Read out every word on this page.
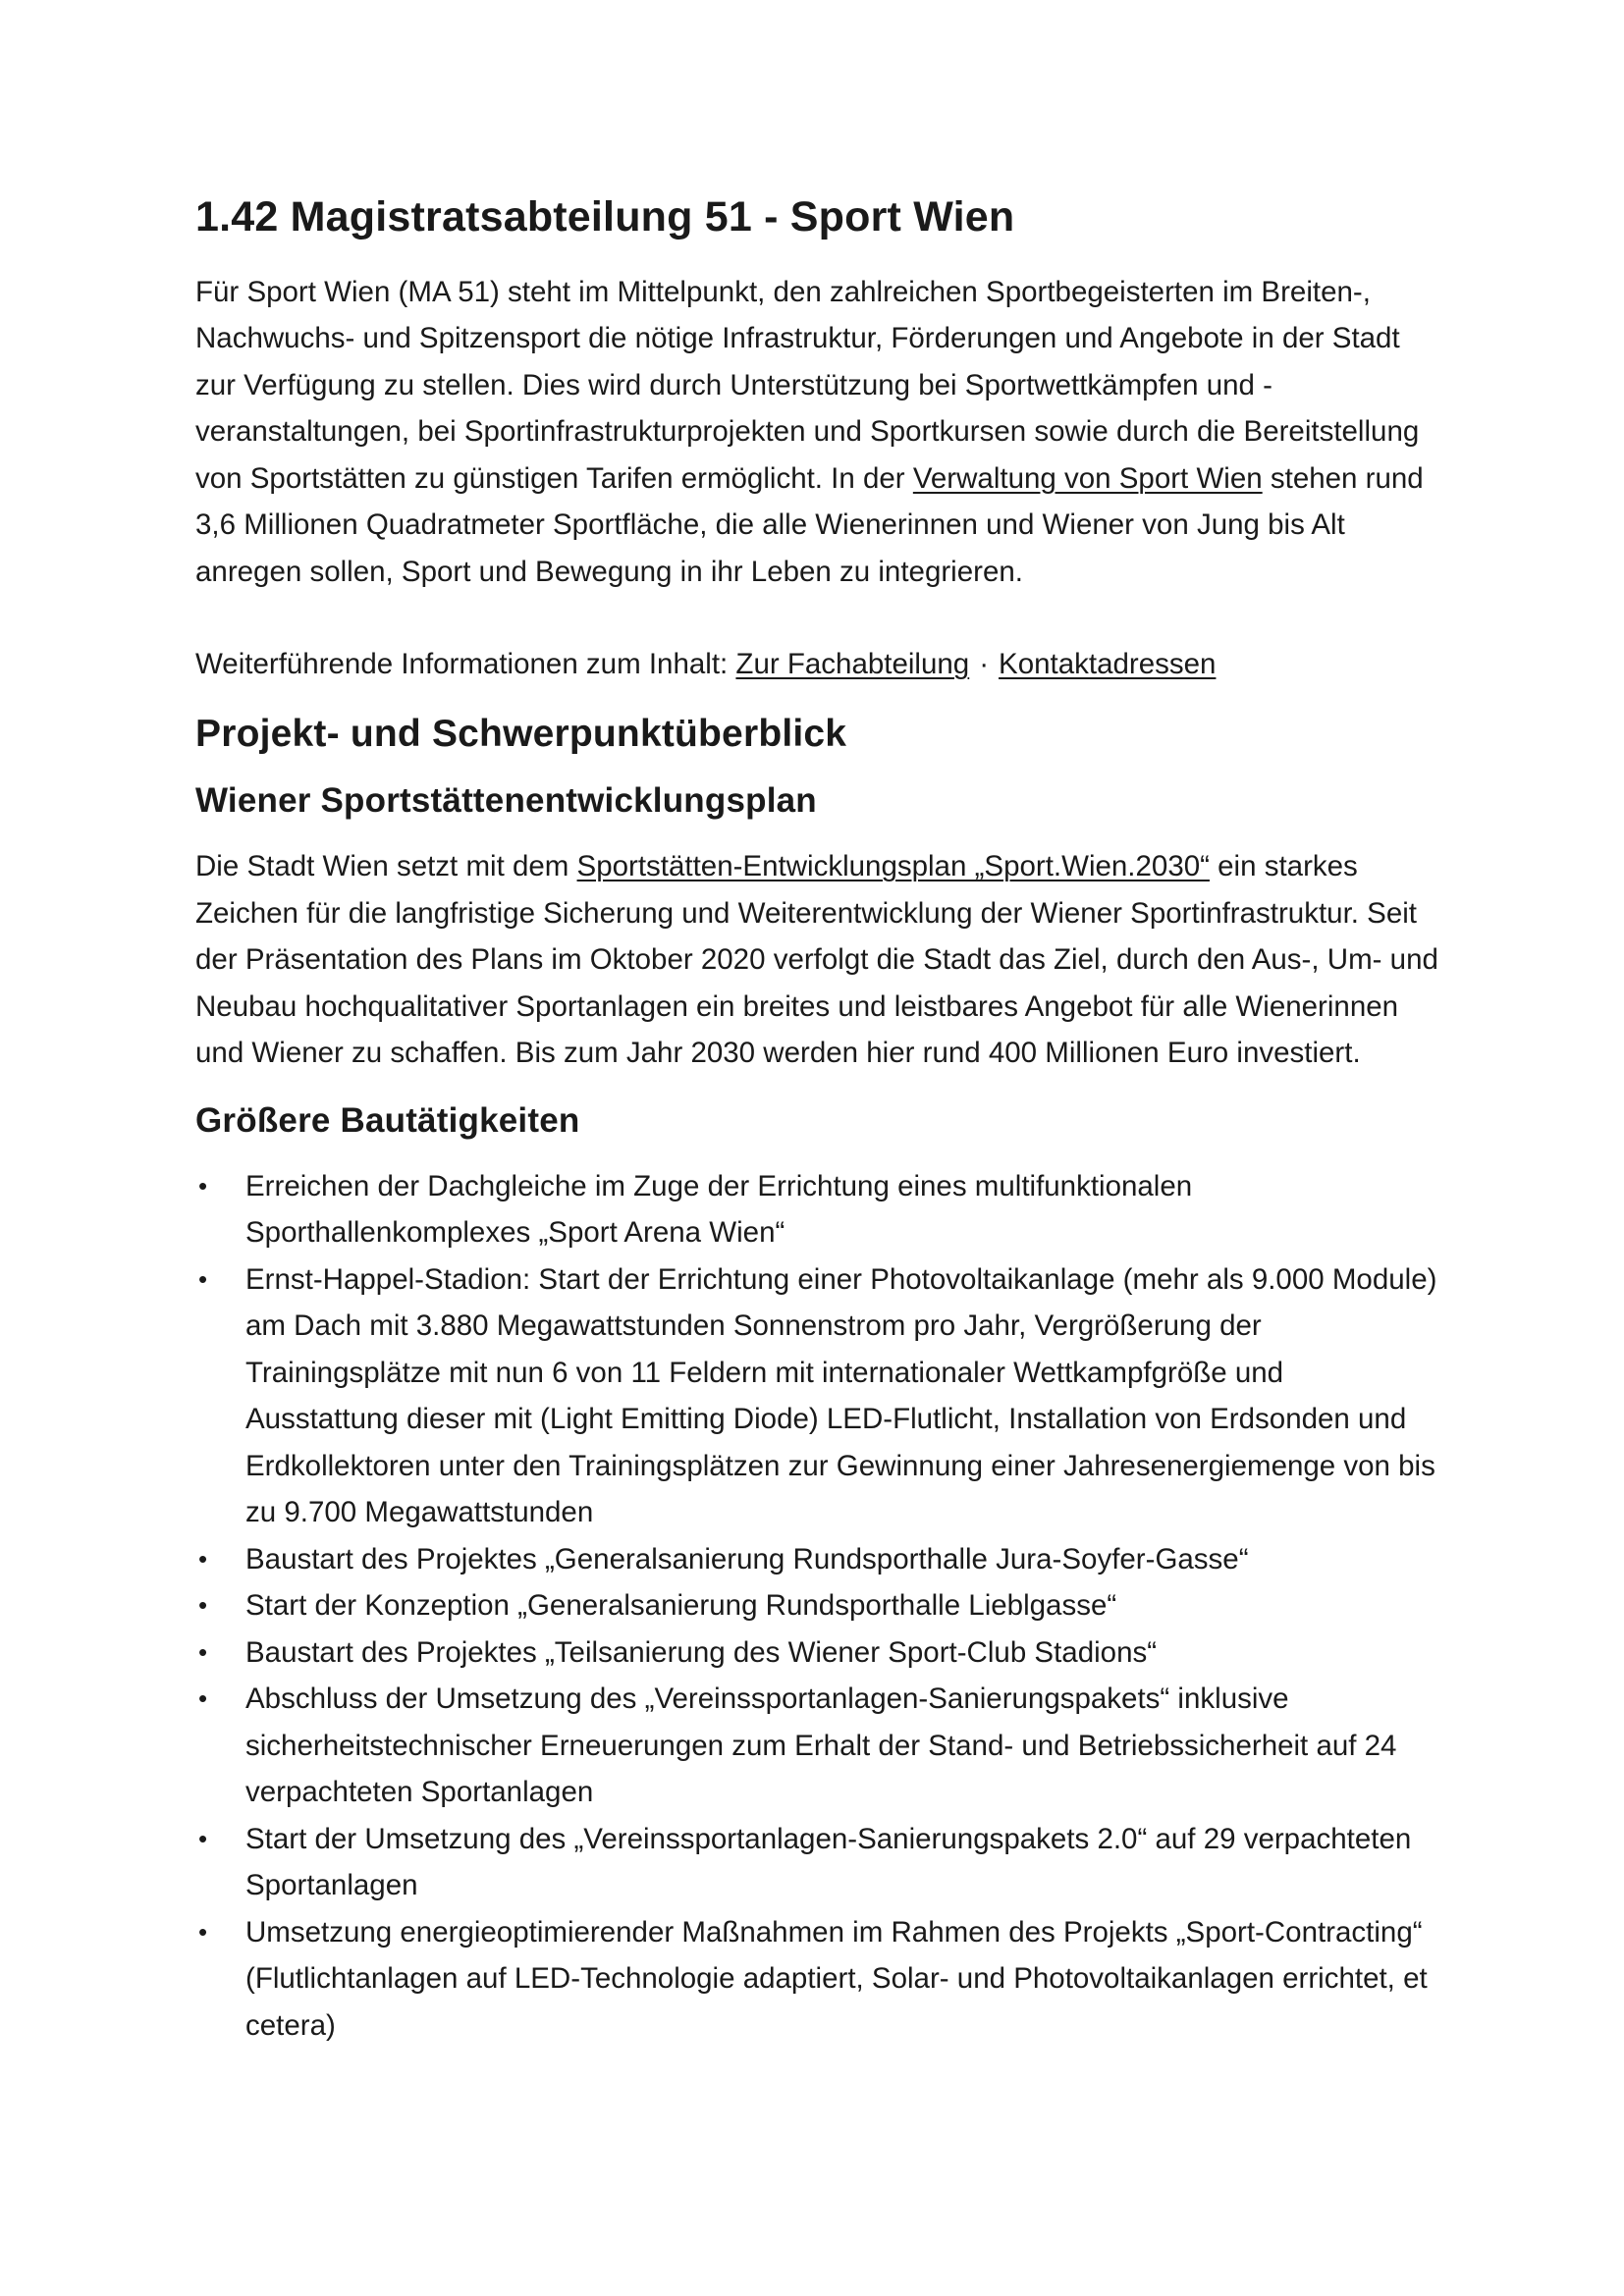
1.42 Magistratsabteilung 51 - Sport Wien

Für Sport Wien (MA 51) steht im Mittelpunkt, den zahlreichen Sportbegeisterten im Breiten-, Nachwuchs- und Spitzensport die nötige Infrastruktur, Förderungen und Angebote in der Stadt zur Verfügung zu stellen. Dies wird durch Unterstützung bei Sportwettkämpfen und -veranstaltungen, bei Sportinfrastrukturprojekten und Sportkursen sowie durch die Bereitstellung von Sportstätten zu günstigen Tarifen ermöglicht. In der Verwaltung von Sport Wien stehen rund 3,6 Millionen Quadratmeter Sportfläche, die alle Wienerinnen und Wiener von Jung bis Alt anregen sollen, Sport und Bewegung in ihr Leben zu integrieren.

Weiterführende Informationen zum Inhalt: Zur Fachabteilung · Kontaktadressen

Projekt- und Schwerpunktüberblick
Wiener Sportstättenentwicklungsplan

Die Stadt Wien setzt mit dem Sportstätten-Entwicklungsplan „Sport.Wien.2030“ ein starkes Zeichen für die langfristige Sicherung und Weiterentwicklung der Wiener Sportinfrastruktur. Seit der Präsentation des Plans im Oktober 2020 verfolgt die Stadt das Ziel, durch den Aus-, Um- und Neubau hochqualitativer Sportanlagen ein breites und leistbares Angebot für alle Wienerinnen und Wiener zu schaffen. Bis zum Jahr 2030 werden hier rund 400 Millionen Euro investiert.

Größere Bautätigkeiten
• Erreichen der Dachgleiche im Zuge der Errichtung eines multifunktionalen Sporthallenkomplexes „Sport Arena Wien“
• Ernst-Happel-Stadion: Start der Errichtung einer Photovoltaikanlage (mehr als 9.000 Module) am Dach mit 3.880 Megawattstunden Sonnenstrom pro Jahr, Vergrößerung der Trainingsplätze mit nun 6 von 11 Feldern mit internationaler Wettkampfgröße und Ausstattung dieser mit (Light Emitting Diode) LED-Flutlicht, Installation von Erdsonden und Erdkollektoren unter den Trainingsplätzen zur Gewinnung einer Jahresenergiemenge von bis zu 9.700 Megawattstunden
• Baustart des Projektes „Generalsanierung Rundsporthalle Jura-Soyfer-Gasse“
• Start der Konzeption „Generalsanierung Rundsporthalle Lieblgasse“
• Baustart des Projektes „Teilsanierung des Wiener Sport-Club Stadions“
• Abschluss der Umsetzung des „Vereinssportanlagen-Sanierungspakets“ inklusive sicherheitstechnischer Erneuerungen zum Erhalt der Stand- und Betriebssicherheit auf 24 verpachteten Sportanlagen
• Start der Umsetzung des „Vereinssportanlagen-Sanierungspakets 2.0“ auf 29 verpachteten Sportanlagen
• Umsetzung energieoptimierender Maßnahmen im Rahmen des Projekts „Sport-Contracting“ (Flutlichtanlagen auf LED-Technologie adaptiert, Solar- und Photovoltaikanlagen errichtet, et cetera)
